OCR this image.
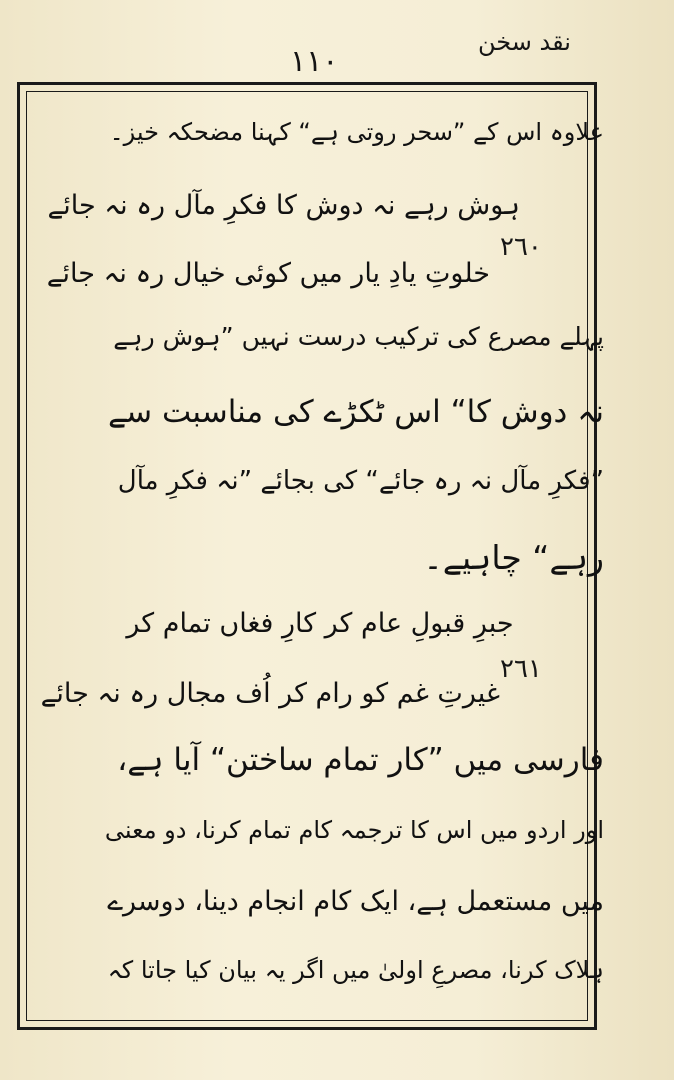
نقد سخن
١١٠
علاوہ اس کے ”سحر روتی ہے“ کہنا مضحکہ خیز۔
ہوش رہے نہ دوش کا فکرِ مآل رہ نہ جائے
٢٦٠
خلوتِ یادِ یار میں کوئی خیال رہ نہ جائے
پہلے مصرع کی ترکیب درست نہیں ”ہوش رہے
نہ دوش کا“ اس ٹکڑے کی مناسبت سے
”فکرِ مآل نہ رہ جائے“ کی بجائے ”نہ فکرِ مآل
رہے“ چاہیے۔
جبرِ قبولِ عام کر کارِ فغاں تمام کر
٢٦١
غیرتِ غم کو رام کر اُف مجال رہ نہ جائے
فارسی میں ”کار تمام ساختن“ آیا ہے،
اور اردو میں اس کا ترجمہ کام تمام کرنا، دو معنی
میں مستعمل ہے، ایک کام انجام دینا، دوسرے
ہلاک کرنا، مصرعِ اولیٰ میں اگر یہ بیان کیا جاتا کہ
